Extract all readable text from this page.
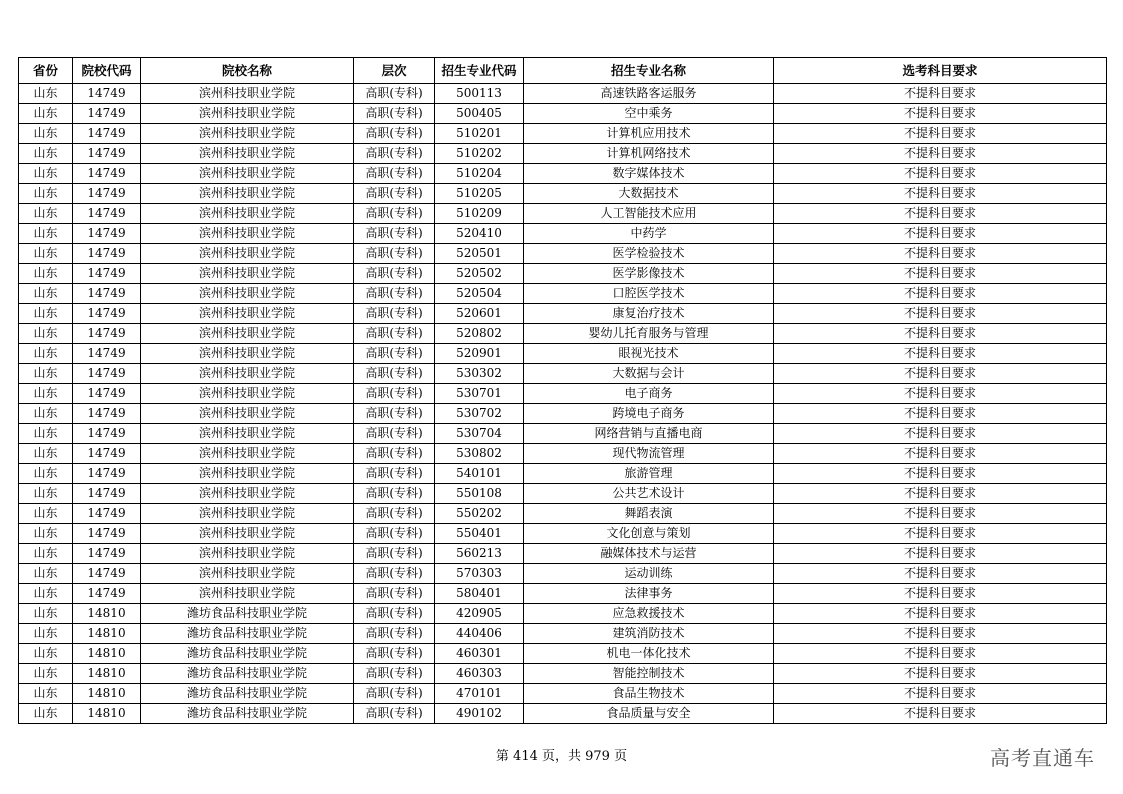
省份	院校代码	院校名称	层次	招生专业代码	招生专业名称	选考科目要求
山东	14749	滨州科技职业学院	高职(专科)	500113	高速铁路客运服务	不提科目要求
山东	14749	滨州科技职业学院	高职(专科)	500405	空中乘务	不提科目要求
山东	14749	滨州科技职业学院	高职(专科)	510201	计算机应用技术	不提科目要求
山东	14749	滨州科技职业学院	高职(专科)	510202	计算机网络技术	不提科目要求
山东	14749	滨州科技职业学院	高职(专科)	510204	数字媒体技术	不提科目要求
山东	14749	滨州科技职业学院	高职(专科)	510205	大数据技术	不提科目要求
山东	14749	滨州科技职业学院	高职(专科)	510209	人工智能技术应用	不提科目要求
山东	14749	滨州科技职业学院	高职(专科)	520410	中药学	不提科目要求
山东	14749	滨州科技职业学院	高职(专科)	520501	医学检验技术	不提科目要求
山东	14749	滨州科技职业学院	高职(专科)	520502	医学影像技术	不提科目要求
山东	14749	滨州科技职业学院	高职(专科)	520504	口腔医学技术	不提科目要求
山东	14749	滨州科技职业学院	高职(专科)	520601	康复治疗技术	不提科目要求
山东	14749	滨州科技职业学院	高职(专科)	520802	婴幼儿托育服务与管理	不提科目要求
山东	14749	滨州科技职业学院	高职(专科)	520901	眼视光技术	不提科目要求
山东	14749	滨州科技职业学院	高职(专科)	530302	大数据与会计	不提科目要求
山东	14749	滨州科技职业学院	高职(专科)	530701	电子商务	不提科目要求
山东	14749	滨州科技职业学院	高职(专科)	530702	跨境电子商务	不提科目要求
山东	14749	滨州科技职业学院	高职(专科)	530704	网络营销与直播电商	不提科目要求
山东	14749	滨州科技职业学院	高职(专科)	530802	现代物流管理	不提科目要求
山东	14749	滨州科技职业学院	高职(专科)	540101	旅游管理	不提科目要求
山东	14749	滨州科技职业学院	高职(专科)	550108	公共艺术设计	不提科目要求
山东	14749	滨州科技职业学院	高职(专科)	550202	舞蹈表演	不提科目要求
山东	14749	滨州科技职业学院	高职(专科)	550401	文化创意与策划	不提科目要求
山东	14749	滨州科技职业学院	高职(专科)	560213	融媒体技术与运营	不提科目要求
山东	14749	滨州科技职业学院	高职(专科)	570303	运动训练	不提科目要求
山东	14749	滨州科技职业学院	高职(专科)	580401	法律事务	不提科目要求
山东	14810	潍坊食品科技职业学院	高职(专科)	420905	应急救援技术	不提科目要求
山东	14810	潍坊食品科技职业学院	高职(专科)	440406	建筑消防技术	不提科目要求
山东	14810	潍坊食品科技职业学院	高职(专科)	460301	机电一体化技术	不提科目要求
山东	14810	潍坊食品科技职业学院	高职(专科)	460303	智能控制技术	不提科目要求
山东	14810	潍坊食品科技职业学院	高职(专科)	470101	食品生物技术	不提科目要求
山东	14810	潍坊食品科技职业学院	高职(专科)	490102	食品质量与安全	不提科目要求
第 414 页，共 979 页	高考直通车
